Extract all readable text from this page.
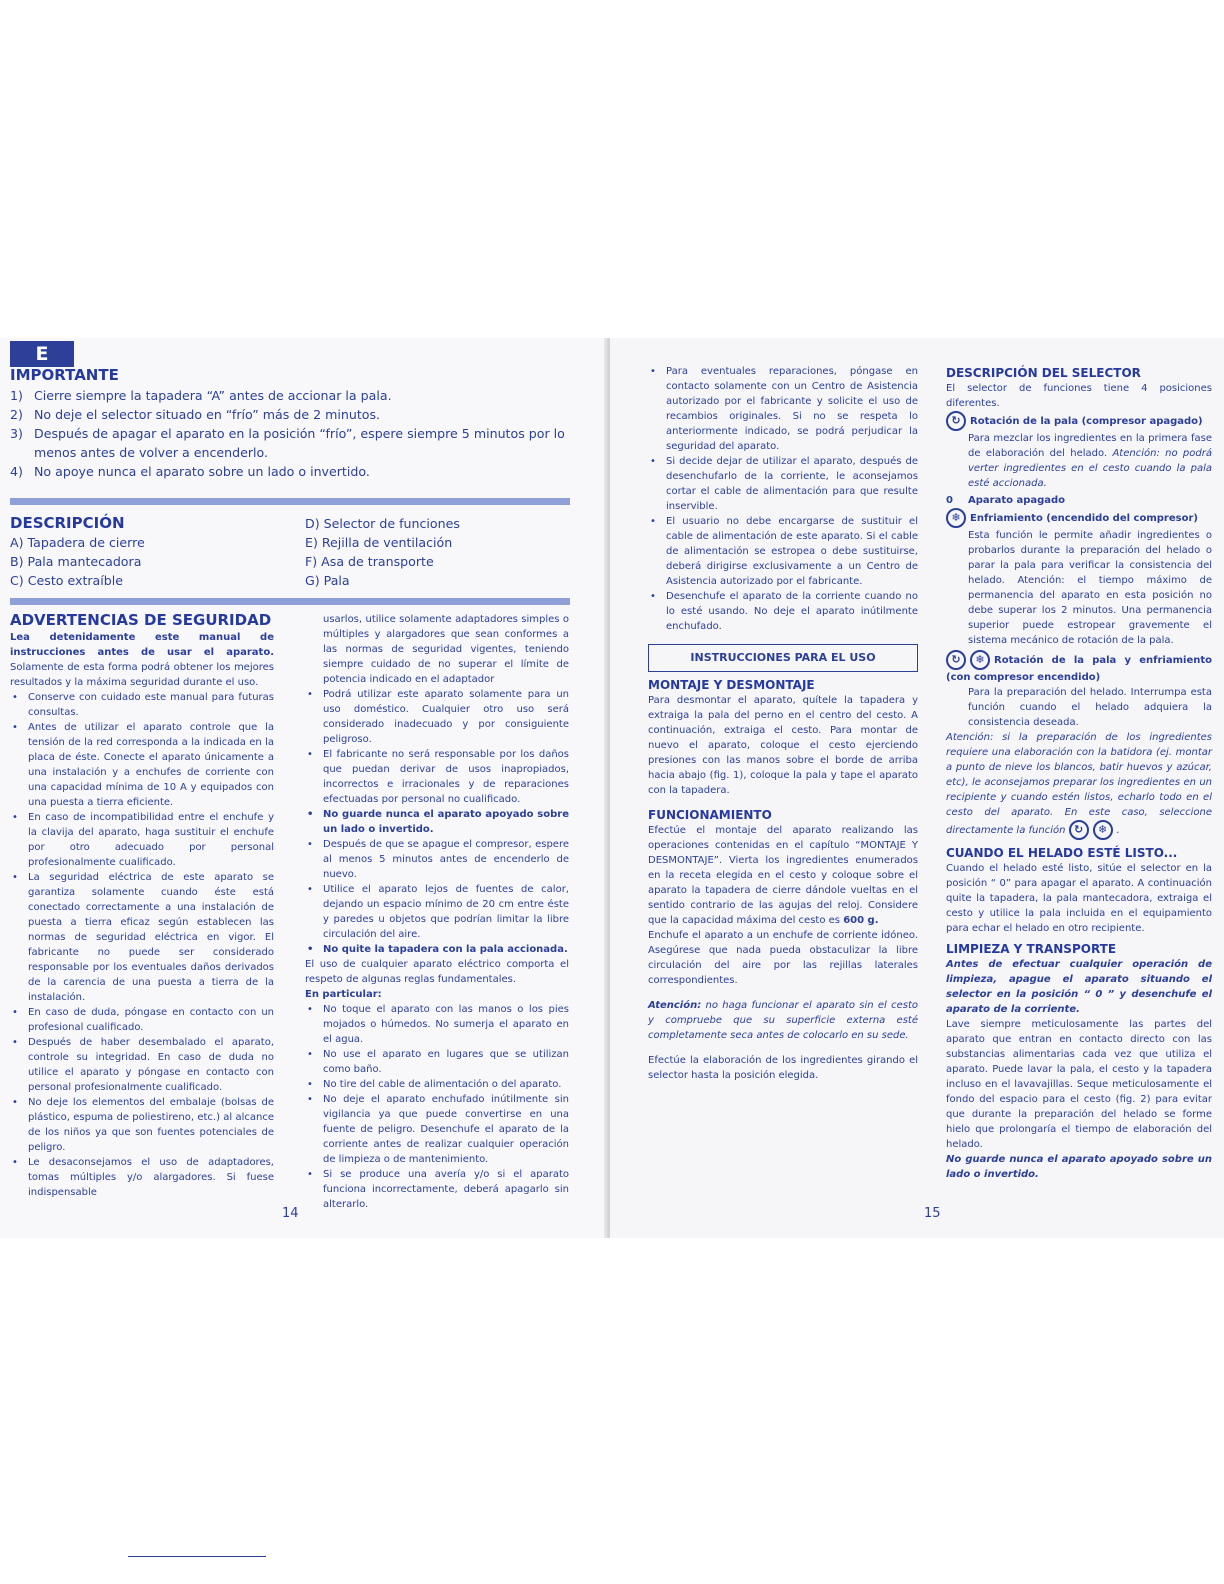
E
IMPORTANTE
1) Cierre siempre la tapadera “A” antes de accionar la pala.
2) No deje el selector situado en “frío” más de 2 minutos.
3) Después de apagar el aparato en la posición “frío”, espere siempre 5 minutos por lo menos antes de volver a encenderlo.
4) No apoye nunca el aparato sobre un lado o invertido.
DESCRIPCIÓN
A) Tapadera de cierre
B) Pala mantecadora
C) Cesto extraíble
D) Selector de funciones
E) Rejilla de ventilación
F) Asa de transporte
G) Pala
ADVERTENCIAS DE SEGURIDAD
Lea detenidamente este manual de instrucciones antes de usar el aparato. Solamente de esta forma podrá obtener los mejores resultados y la máxima seguridad durante el uso.
• Conserve con cuidado este manual para futuras consultas.
• Antes de utilizar el aparato controle que la tensión de la red corresponda a la indicada en la placa de éste. Conecte el aparato únicamente a una instalación y a enchufes de corriente con una capacidad mínima de 10 A y equipados con una puesta a tierra eficiente.
• En caso de incompatibilidad entre el enchufe y la clavija del aparato, haga sustituir el enchufe por otro adecuado por personal profesionalmente cualificado.
• La seguridad eléctrica de este aparato se garantiza solamente cuando éste está conectado correctamente a una instalación de puesta a tierra eficaz según establecen las normas de seguridad eléctrica en vigor. El fabricante no puede ser considerado responsable por los eventuales daños derivados de la carencia de una puesta a tierra de la instalación.
• En caso de duda, póngase en contacto con un profesional cualificado.
• Después de haber desembalado el aparato, controle su integridad. En caso de duda no utilice el aparato y póngase en contacto con personal profesionalmente cualificado.
• No deje los elementos del embalaje (bolsas de plástico, espuma de poliestireno, etc.) al alcance de los niños ya que son fuentes potenciales de peligro.
• Le desaconsejamos el uso de adaptadores, tomas múltiples y/o alargadores. Si fuese indispensable
usarlos, utilice solamente adaptadores simples o múltiples y alargadores que sean conformes a las normas de seguridad vigentes, teniendo siempre cuidado de no superar el límite de potencia indicado en el adaptador
• Podrá utilizar este aparato solamente para un uso doméstico. Cualquier otro uso será considerado inadecuado y por consiguiente peligroso.
• El fabricante no será responsable por los daños que puedan derivar de usos inapropiados, incorrectos e irracionales y de reparaciones efectuadas por personal no cualificado.
• No guarde nunca el aparato apoyado sobre un lado o invertido.
• Después de que se apague el compresor, espere al menos 5 minutos antes de encenderlo de nuevo.
• Utilice el aparato lejos de fuentes de calor, dejando un espacio mínimo de 20 cm entre éste y paredes u objetos que podrían limitar la libre circulación del aire.
• No quite la tapadera con la pala accionada.
El uso de cualquier aparato eléctrico comporta el respeto de algunas reglas fundamentales.
En particular:
• No toque el aparato con las manos o los pies mojados o húmedos. No sumerja el aparato en el agua.
• No use el aparato en lugares que se utilizan como baño.
• No tire del cable de alimentación o del aparato.
• No deje el aparato enchufado inútilmente sin vigilancia ya que puede convertirse en una fuente de peligro. Desenchufe el aparato de la corriente antes de realizar cualquier operación de limpieza o de mantenimiento.
• Si se produce una avería y/o si el aparato funciona incorrectamente, deberá apagarlo sin alterarlo.
14
• Para eventuales reparaciones, póngase en contacto solamente con un Centro de Asistencia autorizado por el fabricante y solicite el uso de recambios originales. Si no se respeta lo anteriormente indicado, se podrá perjudicar la seguridad del aparato.
• Si decide dejar de utilizar el aparato, después de desenchufarlo de la corriente, le aconsejamos cortar el cable de alimentación para que resulte inservible.
• El usuario no debe encargarse de sustituir el cable de alimentación de este aparato. Si el cable de alimentación se estropea o debe sustituirse, deberá dirigirse exclusivamente a un Centro de Asistencia autorizado por el fabricante.
• Desenchufe el aparato de la corriente cuando no lo esté usando. No deje el aparato inútilmente enchufado.
INSTRUCCIONES PARA EL USO
MONTAJE Y DESMONTAJE
Para desmontar el aparato, quítele la tapadera y extraiga la pala del perno en el centro del cesto. A continuación, extraiga el cesto. Para montar de nuevo el aparato, coloque el cesto ejerciendo presiones con las manos sobre el borde de arriba hacia abajo (fig. 1), coloque la pala y tape el aparato con la tapadera.
FUNCIONAMIENTO
Efectúe el montaje del aparato realizando las operaciones contenidas en el capítulo “MONTAJE Y DESMONTAJE”. Vierta los ingredientes enumerados en la receta elegida en el cesto y coloque sobre el aparato la tapadera de cierre dándole vueltas en el sentido contrario de las agujas del reloj. Considere que la capacidad máxima del cesto es 600 g.
Enchufe el aparato a un enchufe de corriente idóneo. Asegúrese que nada pueda obstaculizar la libre circulación del aire por las rejillas laterales correspondientes.
Atención: no haga funcionar el aparato sin el cesto y compruebe que su superficie externa esté completamente seca antes de colocarlo en su sede.
Efectúe la elaboración de los ingredientes girando el selector hasta la posición elegida.
DESCRIPCIÓN DEL SELECTOR
El selector de funciones tiene 4 posiciones diferentes.
↻ Rotación de la pala (compresor apagado)
Para mezclar los ingredientes en la primera fase de elaboración del helado. Atención: no podrá verter ingredientes en el cesto cuando la pala esté accionada.
0 Aparato apagado
❄ Enfriamiento (encendido del compresor)
Esta función le permite añadir ingredientes o probarlos durante la preparación del helado o parar la pala para verificar la consistencia del helado. Atención: el tiempo máximo de permanencia del aparato en esta posición no debe superar los 2 minutos. Una permanencia superior puede estropear gravemente el sistema mecánico de rotación de la pala.
↻ ❄ Rotación de la pala y enfriamiento (con compresor encendido)
Para la preparación del helado. Interrumpa esta función cuando el helado adquiera la consistencia deseada.
Atención: si la preparación de los ingredientes requiere una elaboración con la batidora (ej. montar a punto de nieve los blancos, batir huevos y azúcar, etc), le aconsejamos preparar los ingredientes en un recipiente y cuando estén listos, echarlo todo en el cesto del aparato. En este caso, seleccione directamente la función ↻ ❄ .
CUANDO EL HELADO ESTÉ LISTO...
Cuando el helado esté listo, sitúe el selector en la posición “ 0” para apagar el aparato. A continuación quite la tapadera, la pala mantecadora, extraiga el cesto y utilice la pala incluida en el equipamiento para echar el helado en otro recipiente.
LIMPIEZA Y TRANSPORTE
Antes de efectuar cualquier operación de limpieza, apague el aparato situando el selector en la posición “ 0 ” y desenchufe el aparato de la corriente.
Lave siempre meticulosamente las partes del aparato que entran en contacto directo con las substancias alimentarias cada vez que utiliza el aparato. Puede lavar la pala, el cesto y la tapadera incluso en el lavavajillas. Seque meticulosamente el fondo del espacio para el cesto (fig. 2) para evitar que durante la preparación del helado se forme hielo que prolongaría el tiempo de elaboración del helado.
No guarde nunca el aparato apoyado sobre un lado o invertido.
15
